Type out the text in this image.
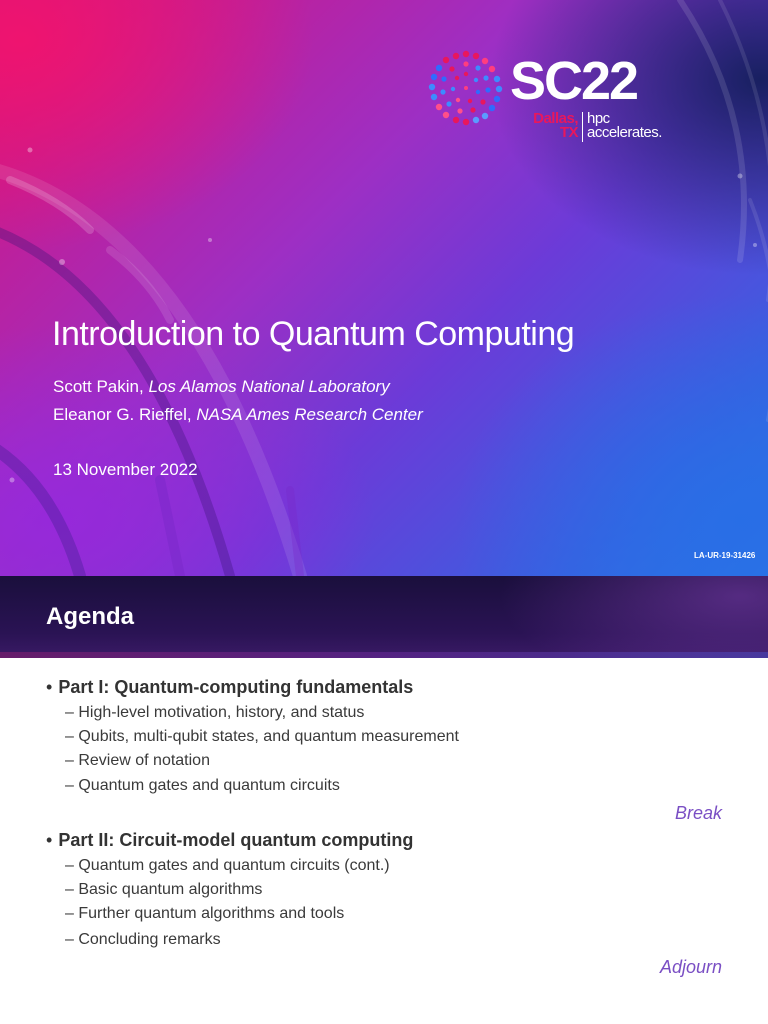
SC22
Dallas,
TX
hpc
accelerates.
Introduction to Quantum Computing
Scott Pakin, Los Alamos National Laboratory
Eleanor G. Rieffel, NASA Ames Research Center
13 November 2022
LA-UR-19-31426
Agenda
• Part I: Quantum-computing fundamentals
– High-level motivation, history, and status
– Qubits, multi-qubit states, and quantum measurement
– Review of notation
– Quantum gates and quantum circuits
Break
• Part II: Circuit-model quantum computing
– Quantum gates and quantum circuits (cont.)
– Basic quantum algorithms
– Further quantum algorithms and tools
– Concluding remarks
Adjourn
